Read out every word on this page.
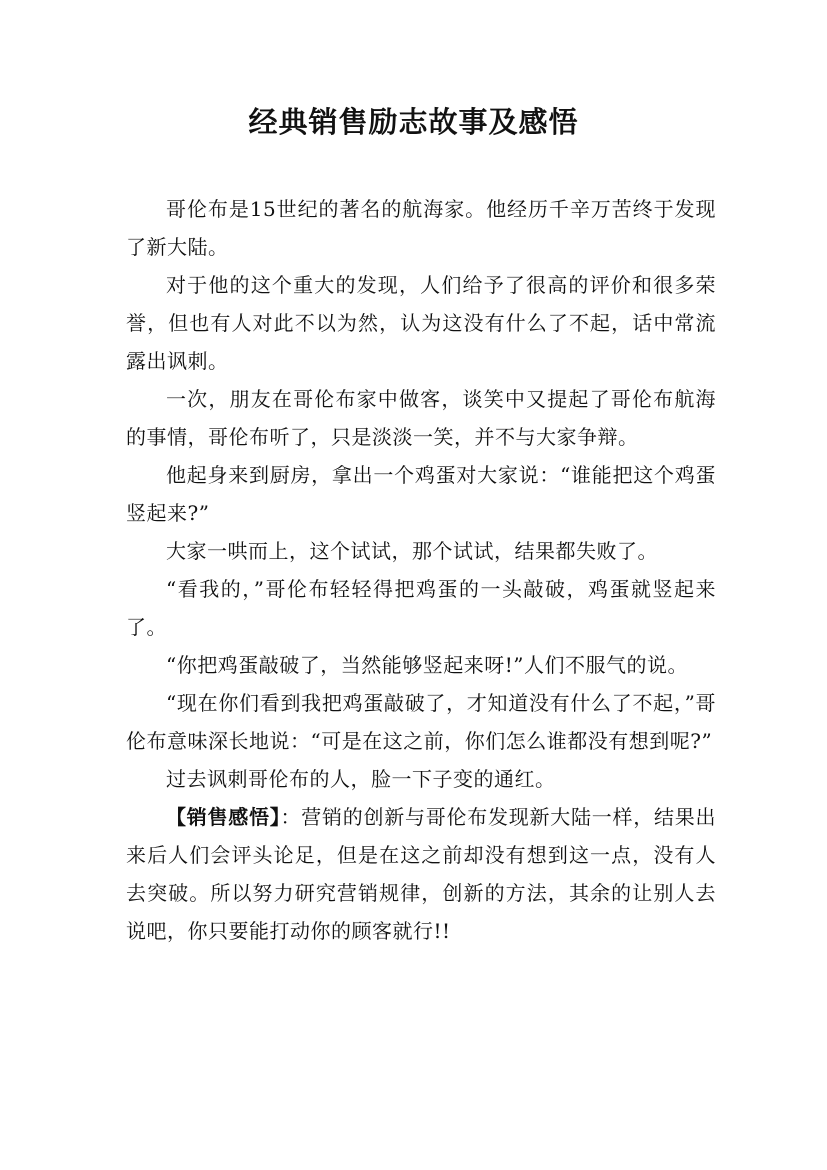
经典销售励志故事及感悟

哥伦布是15世纪的著名的航海家。他经历千辛万苦终于发现了新大陆。

对于他的这个重大的发现，人们给予了很高的评价和很多荣誉，但也有人对此不以为然，认为这没有什么了不起，话中常流露出讽刺。

一次，朋友在哥伦布家中做客，谈笑中又提起了哥伦布航海的事情，哥伦布听了，只是淡淡一笑，并不与大家争辩。

他起身来到厨房，拿出一个鸡蛋对大家说：“谁能把这个鸡蛋竖起来?”

大家一哄而上，这个试试，那个试试，结果都失败了。

“看我的，”哥伦布轻轻得把鸡蛋的一头敲破，鸡蛋就竖起来了。

“你把鸡蛋敲破了，当然能够竖起来呀!”人们不服气的说。

“现在你们看到我把鸡蛋敲破了，才知道没有什么了不起，”哥伦布意味深长地说：“可是在这之前，你们怎么谁都没有想到呢?”

过去讽刺哥伦布的人，脸一下子变的通红。

【销售感悟】：营销的创新与哥伦布发现新大陆一样，结果出来后人们会评头论足，但是在这之前却没有想到这一点，没有人去突破。所以努力研究营销规律，创新的方法，其余的让别人去说吧，你只要能打动你的顾客就行!!
